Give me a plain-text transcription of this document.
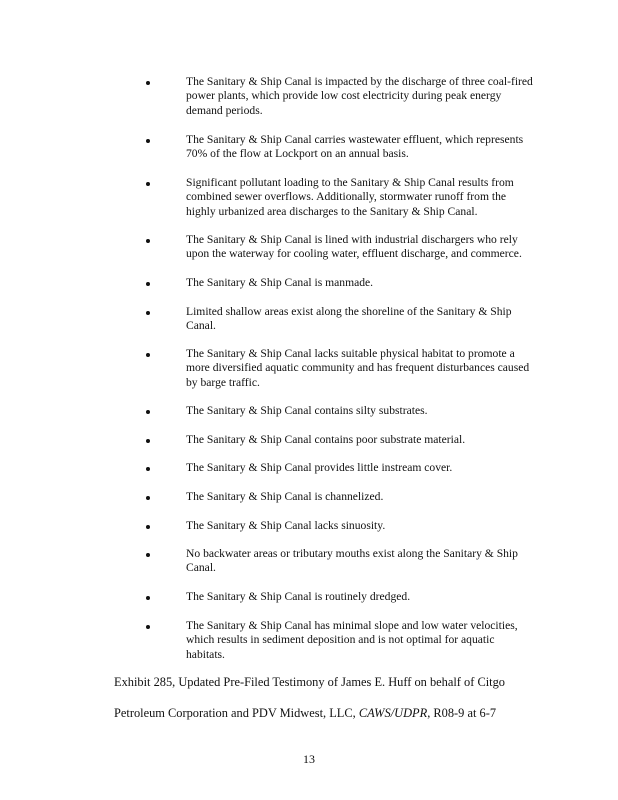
The Sanitary & Ship Canal is impacted by the discharge of three coal-fired
power plants, which provide low cost electricity during peak energy
demand periods.
The Sanitary & Ship Canal carries wastewater effluent, which represents
70% of the flow at Lockport on an annual basis.
Significant pollutant loading to the Sanitary & Ship Canal results from
combined sewer overflows. Additionally, stormwater runoff from the
highly urbanized area discharges to the Sanitary & Ship Canal.
The Sanitary & Ship Canal is lined with industrial dischargers who rely
upon the waterway for cooling water, effluent discharge, and commerce.
The Sanitary & Ship Canal is manmade.
Limited shallow areas exist along the shoreline of the Sanitary & Ship
Canal.
The Sanitary & Ship Canal lacks suitable physical habitat to promote a
more diversified aquatic community and has frequent disturbances caused
by barge traffic.
The Sanitary & Ship Canal contains silty substrates.
The Sanitary & Ship Canal contains poor substrate material.
The Sanitary & Ship Canal provides little instream cover.
The Sanitary & Ship Canal is channelized.
The Sanitary & Ship Canal lacks sinuosity.
No backwater areas or tributary mouths exist along the Sanitary & Ship
Canal.
The Sanitary & Ship Canal is routinely dredged.
The Sanitary & Ship Canal has minimal slope and low water velocities,
which results in sediment deposition and is not optimal for aquatic
habitats.
Exhibit 285, Updated Pre-Filed Testimony of James E. Huff on behalf of Citgo
Petroleum Corporation and PDV Midwest, LLC, CAWS/UDPR, R08-9 at 6-7
13
